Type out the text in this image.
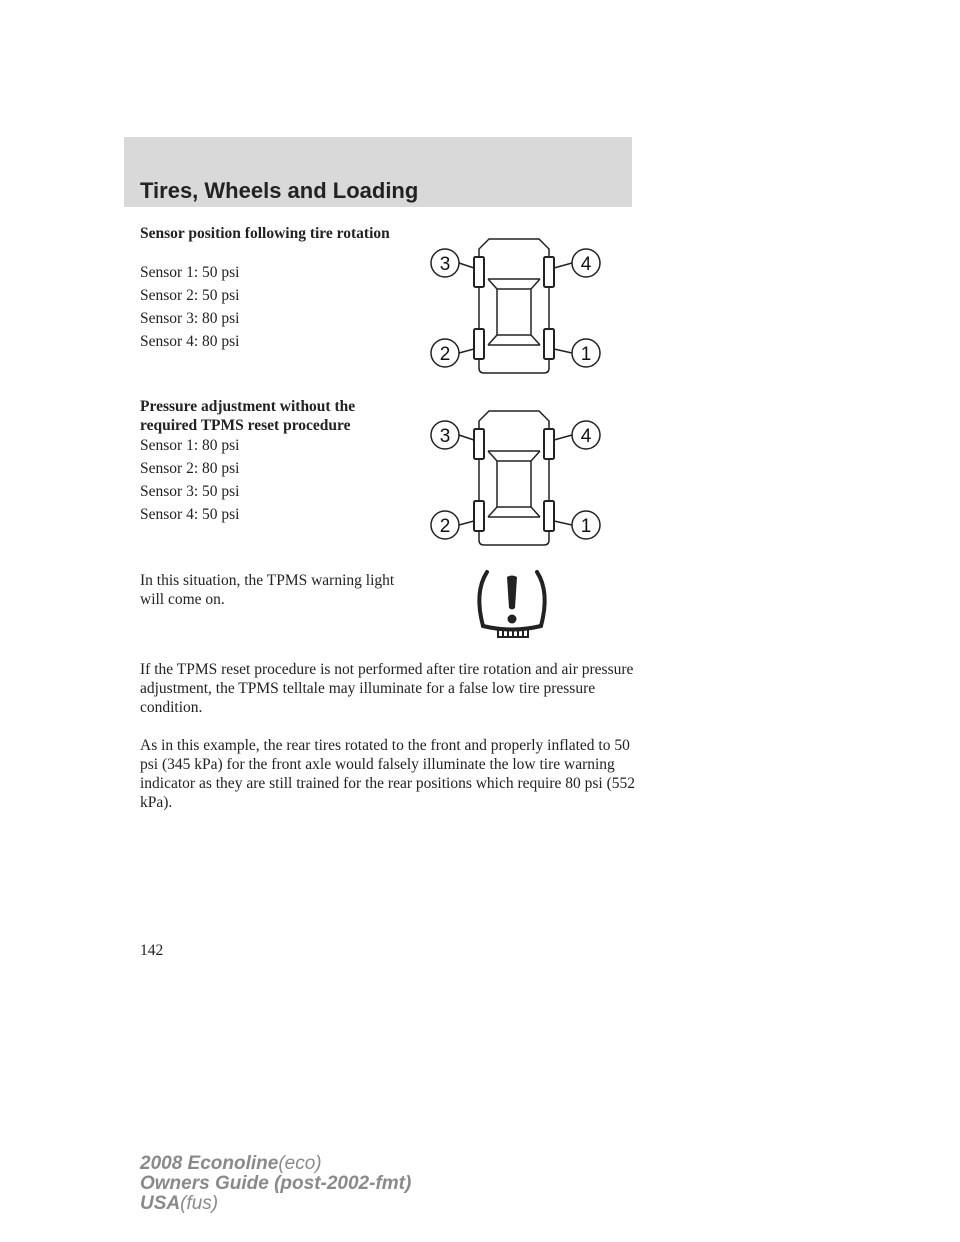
Tires, Wheels and Loading
Sensor position following tire rotation
Sensor 1: 50 psi
Sensor 2: 50 psi
Sensor 3: 80 psi
Sensor 4: 80 psi
3	4
2	1
Pressure adjustment without the required TPMS reset procedure
Sensor 1: 80 psi
Sensor 2: 80 psi
Sensor 3: 50 psi
Sensor 4: 50 psi
3	4
2	1
In this situation, the TPMS warning light will come on.
If the TPMS reset procedure is not performed after tire rotation and air pressure adjustment, the TPMS telltale may illuminate for a false low tire pressure condition.
As in this example, the rear tires rotated to the front and properly inflated to 50 psi (345 kPa) for the front axle would falsely illuminate the low tire warning indicator as they are still trained for the rear positions which require 80 psi (552 kPa).
142
2008 Econoline(eco)
Owners Guide (post-2002-fmt)
USA(fus)
